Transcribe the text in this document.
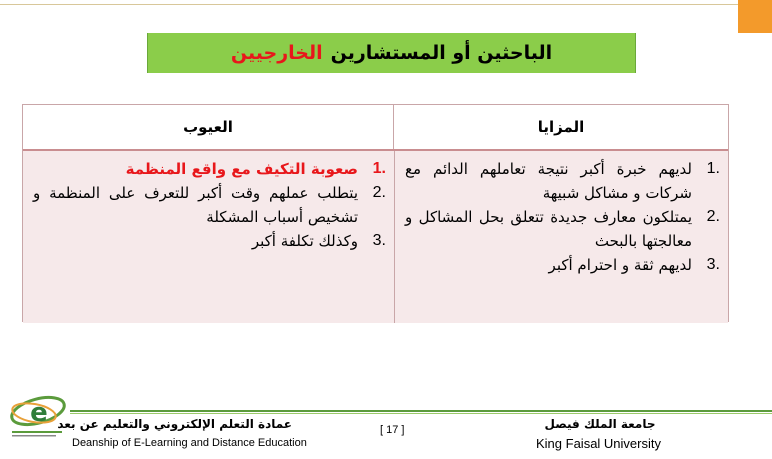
الباحثين أو المستشارين
الخارجيين
المزايا
العيوب
1.
لديهم خبرة أكبر نتيجة تعاملهم الدائم مع شركات و مشاكل شبيهة
2.
يمتلكون معارف جديدة تتعلق بحل المشاكل و معالجتها بالبحث
3.
لديهم ثقة و احترام أكبر
1.
صعوبة التكيف مع واقع المنظمة
2.
يتطلب عملهم وقت أكبر للتعرف على المنظمة و تشخيص أسباب المشكلة
3.
وكذلك تكلفة أكبر
e عمادة التعلم الإلكتروني والتعليم عن بعد
Deanship of E-Learning and Distance Education
[ 17 ]	جامعة الملك فيصل
King Faisal University
